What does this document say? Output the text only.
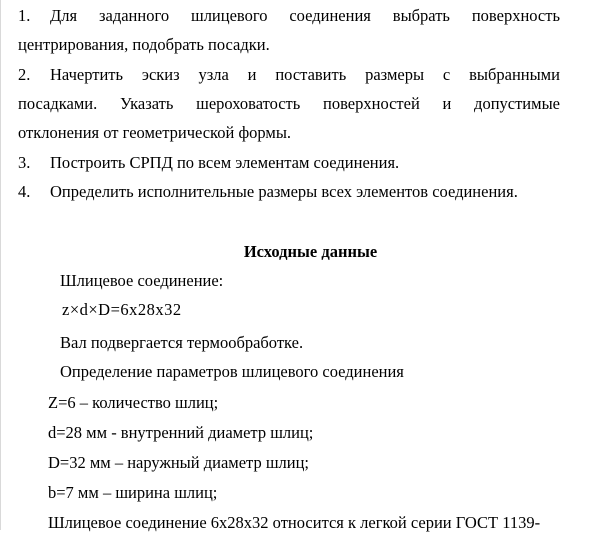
1. Для заданного шлицевого соединения выбрать поверхность
центрирования, подобрать посадки.
2. Начертить эскиз узла и поставить размеры с выбранными
посадками. Указать шероховатость поверхностей и допустимые
отклонения от геометрической формы.
3. Построить СРПД по всем элементам соединения.
4. Определить исполнительные размеры всех элементов соединения.
Исходные данные
Шлицевое соединение:
z×d×D=6x28x32
Вал подвергается термообработке.
Определение параметров шлицевого соединения
Z=6 – количество шлиц;
d=28 мм - внутренний диаметр шлиц;
D=32 мм – наружный диаметр шлиц;
b=7 мм – ширина шлиц;
Шлицевое соединение 6x28x32 относится к легкой серии ГОСТ 1139-
